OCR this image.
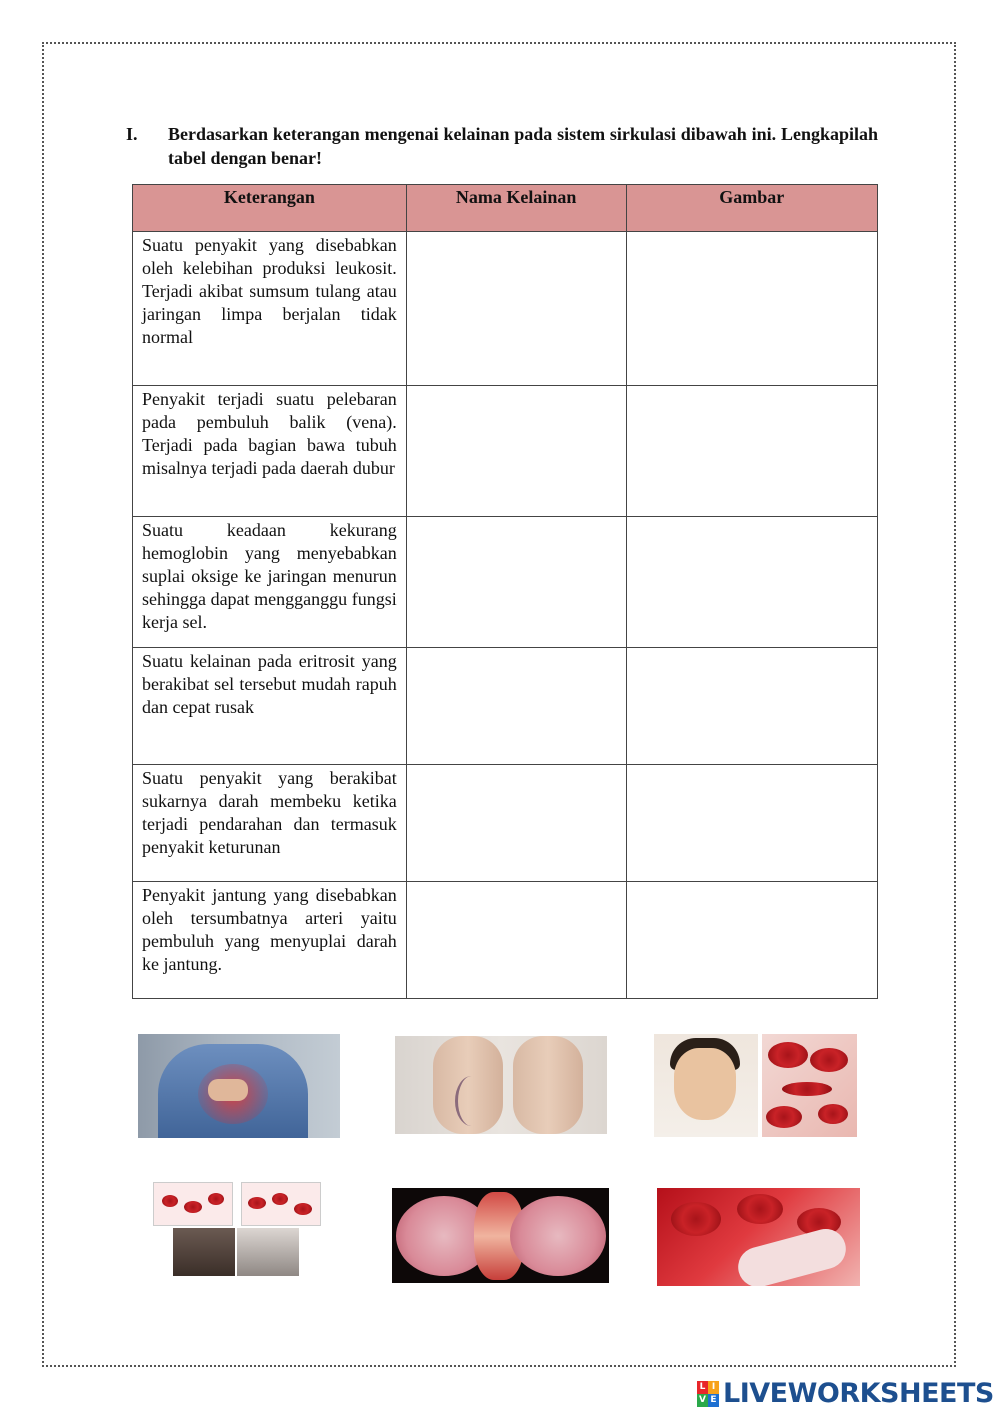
I.	Berdasarkan keterangan mengenai kelainan pada sistem sirkulasi dibawah ini. Lengkapilah tabel dengan benar!
Keterangan	Nama Kelainan	Gambar
Suatu penyakit yang disebabkan oleh kelebihan produksi leukosit. Terjadi akibat sumsum tulang atau jaringan limpa berjalan tidak normal		
Penyakit terjadi suatu pelebaran pada pembuluh balik (vena). Terjadi pada bagian bawa tubuh misalnya terjadi pada daerah dubur		
Suatu keadaan kekurang hemoglobin yang menyebabkan suplai oksige ke jaringan menurun sehingga dapat mengganggu fungsi kerja sel.		
Suatu kelainan pada eritrosit yang berakibat sel tersebut mudah rapuh dan cepat rusak		
Suatu penyakit yang berakibat sukarnya darah membeku ketika terjadi pendarahan dan termasuk penyakit keturunan		
Penyakit jantung yang disebabkan oleh tersumbatnya arteri yaitu pembuluh yang menyuplai darah ke jantung.		
L I
V E LIVEWORKSHEETS
